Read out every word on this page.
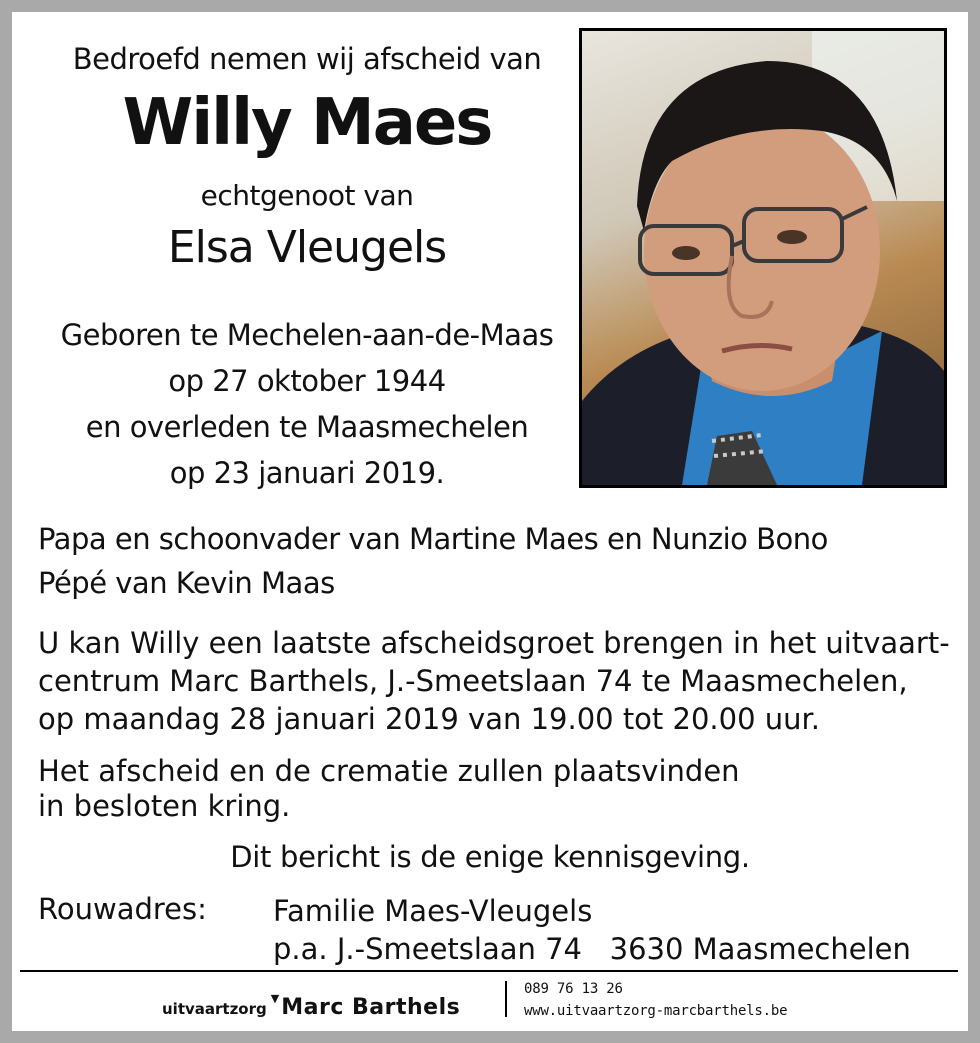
Bedroefd nemen wij afscheid van
Willy Maes
echtgenoot van
Elsa Vleugels
Geboren te Mechelen-aan-de-Maas
op 27 oktober 1944
en overleden te Maasmechelen
op 23 januari 2019.
Papa en schoonvader van Martine Maes en Nunzio Bono
Pépé van Kevin Maas
U kan Willy een laatste afscheidsgroet brengen in het uitvaart-
centrum Marc Barthels, J.-Smeetslaan 74 te Maasmechelen,
op maandag 28 januari 2019 van 19.00 tot 20.00 uur.
Het afscheid en de crematie zullen plaatsvinden
in besloten kring.
Dit bericht is de enige kennisgeving.
Rouwadres: Familie Maes-Vleugels
p.a. J.-Smeetslaan 74   3630 Maasmechelen
uitvaartzorg▼Marc Barthels
089 76 13 26
www.uitvaartzorg-marcbarthels.be
